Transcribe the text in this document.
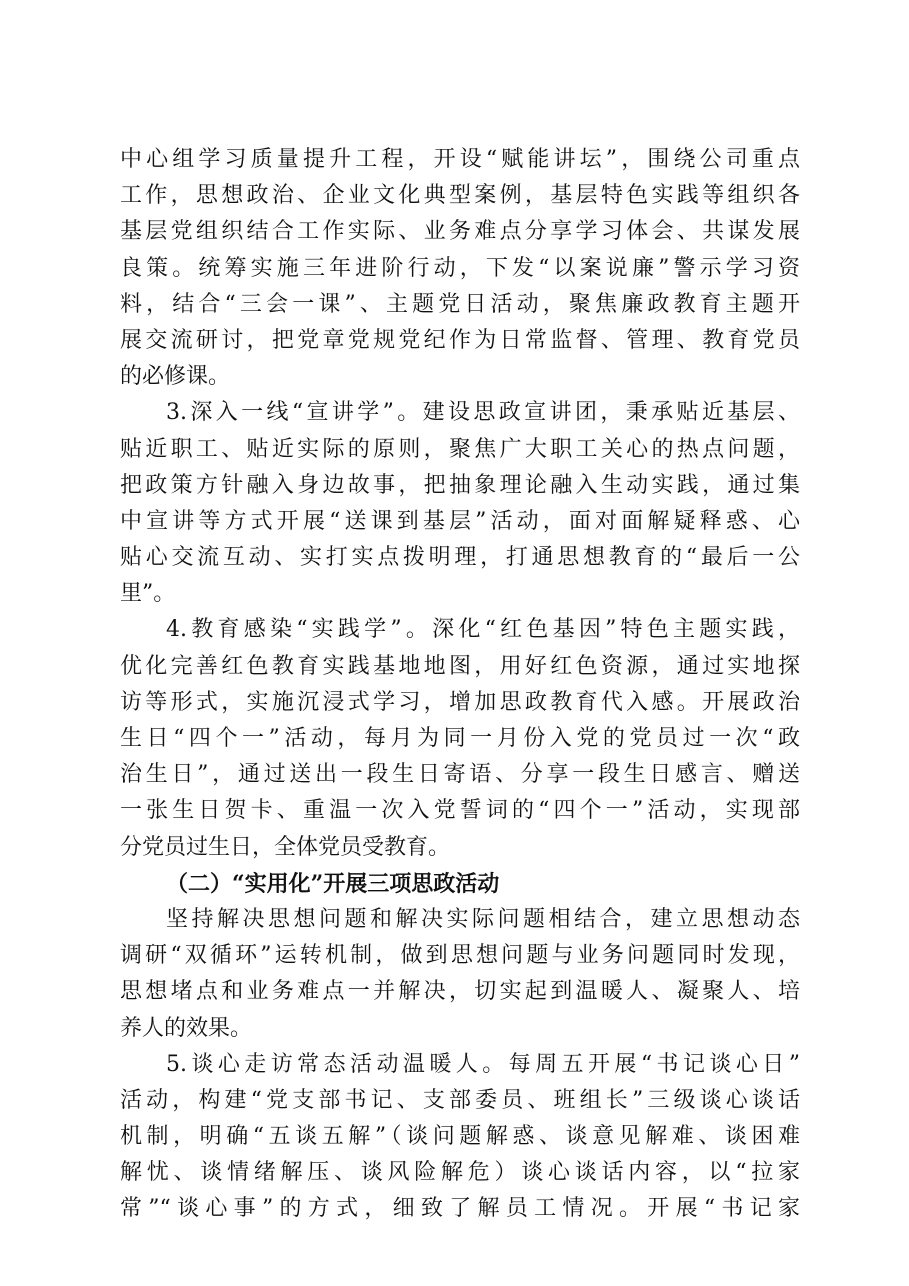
中心组学习质量提升工程，开设“赋能讲坛”，围绕公司重点
工作，思想政治、企业文化典型案例，基层特色实践等组织各
基层党组织结合工作实际、业务难点分享学习体会、共谋发展
良策。统筹实施三年进阶行动，下发“以案说廉”警示学习资
料，结合“三会一课”、主题党日活动，聚焦廉政教育主题开
展交流研讨，把党章党规党纪作为日常监督、管理、教育党员
的必修课。
3.深入一线“宣讲学”。建设思政宣讲团，秉承贴近基层、
贴近职工、贴近实际的原则，聚焦广大职工关心的热点问题，
把政策方针融入身边故事，把抽象理论融入生动实践，通过集
中宣讲等方式开展“送课到基层”活动，面对面解疑释惑、心
贴心交流互动、实打实点拨明理，打通思想教育的“最后一公
里”。
4.教育感染“实践学”。深化“红色基因”特色主题实践，
优化完善红色教育实践基地地图，用好红色资源，通过实地探
访等形式，实施沉浸式学习，增加思政教育代入感。开展政治
生日“四个一”活动，每月为同一月份入党的党员过一次“政
治生日”，通过送出一段生日寄语、分享一段生日感言、赠送
一张生日贺卡、重温一次入党誓词的“四个一”活动，实现部
分党员过生日，全体党员受教育。
（二）“实用化”开展三项思政活动
坚持解决思想问题和解决实际问题相结合，建立思想动态
调研“双循环”运转机制，做到思想问题与业务问题同时发现，
思想堵点和业务难点一并解决，切实起到温暖人、凝聚人、培
养人的效果。
5.谈心走访常态活动温暖人。每周五开展“书记谈心日”
活动，构建“党支部书记、支部委员、班组长”三级谈心谈话
机制，明确“五谈五解”（谈问题解惑、谈意见解难、谈困难
解忧、谈情绪解压、谈风险解危）谈心谈话内容，以“拉家
常”“谈心事”的方式，细致了解员工情况。开展“书记家
